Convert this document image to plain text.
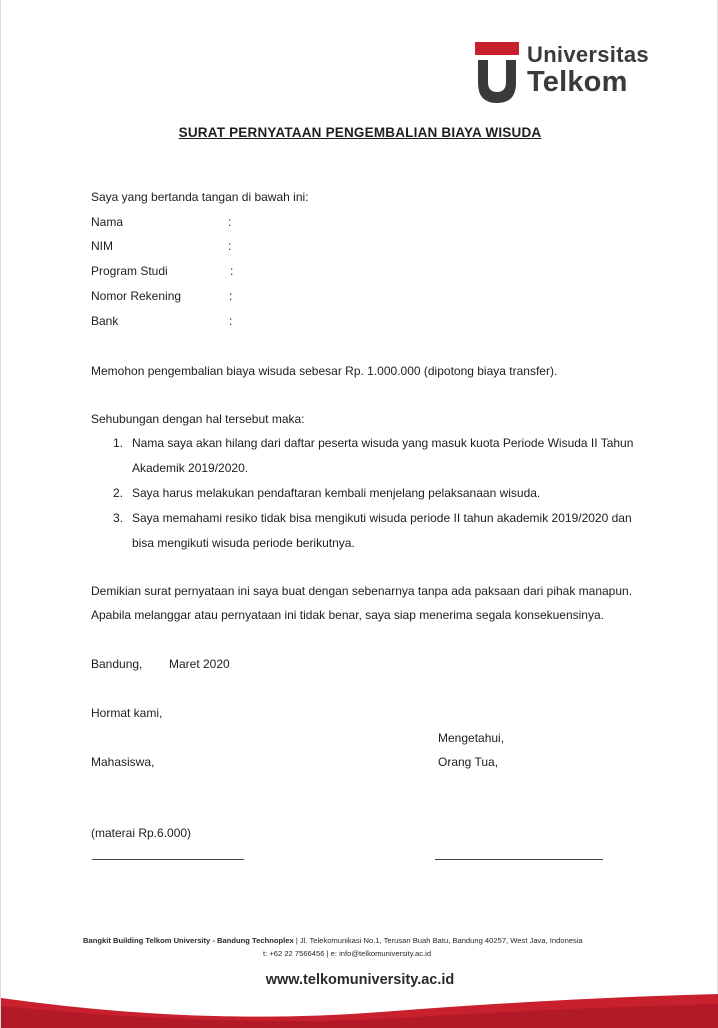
Universitas
Telkom
SURAT PERNYATAAN PENGEMBALIAN BIAYA WISUDA
Saya yang bertanda tangan di bawah ini:
Nama	:
NIM	:
Program Studi	:
Nomor Rekening	:
Bank	:
Memohon pengembalian biaya wisuda sebesar Rp. 1.000.000 (dipotong biaya transfer).
Sehubungan dengan hal tersebut maka:
1. Nama saya akan hilang dari daftar peserta wisuda yang masuk kuota Periode Wisuda II Tahun
Akademik 2019/2020.
2. Saya harus melakukan pendaftaran kembali menjelang pelaksanaan wisuda.
3. Saya memahami resiko tidak bisa mengikuti wisuda periode II tahun akademik 2019/2020 dan
bisa mengikuti wisuda periode berikutnya.
Demikian surat pernyataan ini saya buat dengan sebenarnya tanpa ada paksaan dari pihak manapun.
Apabila melanggar atau pernyataan ini tidak benar, saya siap menerima segala konsekuensinya.
Bandung, Maret 2020
Hormat kami,
Mengetahui,
Mahasiswa,	Orang Tua,
(materai Rp.6.000)
Bangkit Building Telkom University - Bandung Technoplex | Jl. Telekomunikasi No.1, Terusan Buah Batu, Bandung 40257, West Java, Indonesia
t: +62 22 7566456 | e: info@telkomuniversity.ac.id
www.telkomuniversity.ac.id
